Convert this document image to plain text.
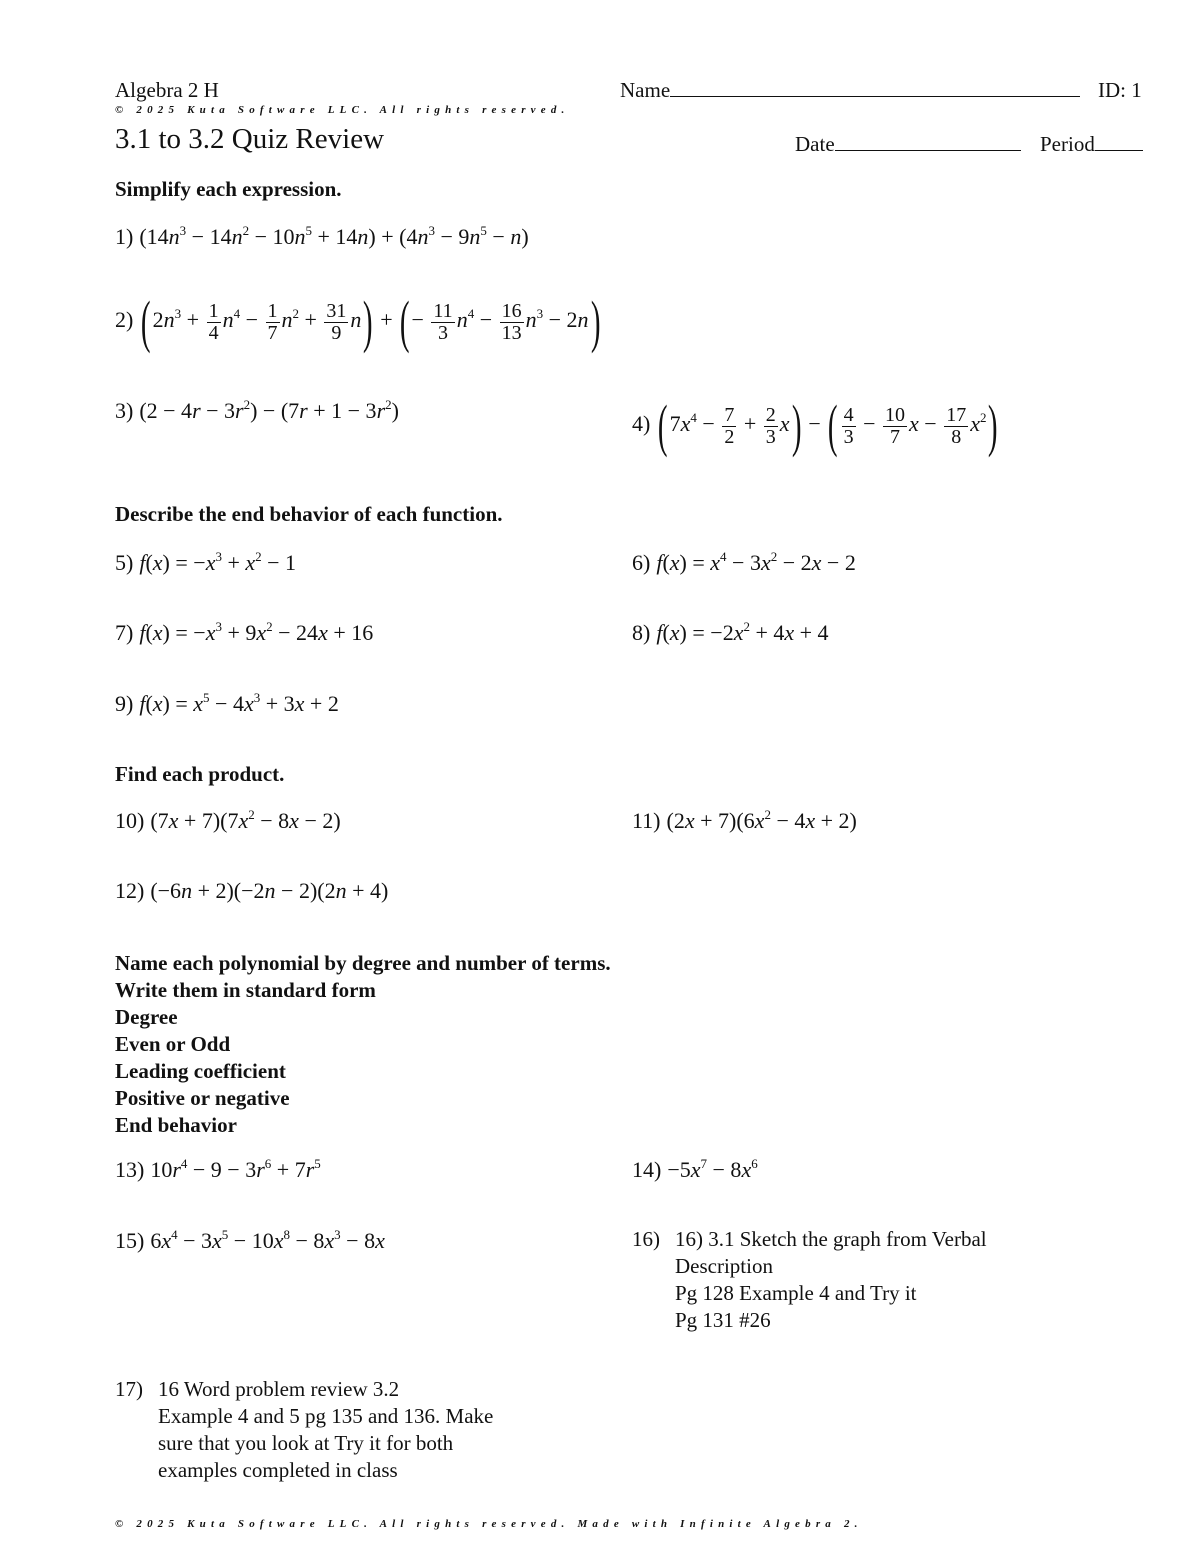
Algebra 2 H	Name	ID: 1
© 2025 Kuta Software LLC. All rights reserved.
3.1 to 3.2 Quiz Review	Date	Period
Simplify each expression.
1) $(14n^3 - 14n^2 - 10n^5 + 14n) + (4n^3 - 9n^5 - n)$
2) $(2n^3 + \frac{1}{4} n^4 - \frac{1}{7} n^2 + \frac{31}{9} n)$ + (− $\frac{11}{3} n^4 - \frac{16}{13} n^3 - 2n$)
3) $(2 - 4r - 3r^2) - (7r + 1 - 3r^2)$
4) $(7x^4 - \frac{7}{2} + \frac{2}{3} x)$ − ( $\frac{4}{3} - \frac{10}{7}$ $x - \frac{17}{8} x^2$)
Describe the end behavior of each function.
5) $f(x) = -x^3 + x^2 - 1$	6) $f(x) = x^4 - 3x^2 - 2x - 2$
7) $f(x) = -x^3 + 9x^2 - 24x + 16$	8) $f(x) = -2x^2 + 4x + 4$
9) $f(x) = x^5 - 4x^3 + 3x + 2$
Find each product.
10) $(7x + 7)(7x^2 - 8x - 2)$	11) $(2x + 7)(6x^2 - 4x + 2)$
12) (−6n + 2)(−2n − 2)(2n + 4)
Name each polynomial by degree and number of terms.
Write them in standard form
Degree
Even or Odd
Leading coefficient
Positive or negative
End behavior
13) $10r^4 - 9 - 3r^6 + 7r^5$	$14) -5x^7 - 8x^6$
15) $6x^4 - 3x^5 - 10x^8 - 8x^3 - 8x$	16) 16) 3.1 Sketch the graph from Verbal
Description
Pg 128 Example 4 and Try it
Pg 131 #26
17) 16 Word problem review 3.2
Example 4 and 5 pg 135 and 136. Make
sure that you look at Try it for both
examples completed in class
© 2025 Kuta Software LLC. All rights reserved. Made with Infinite Algebra 2.
